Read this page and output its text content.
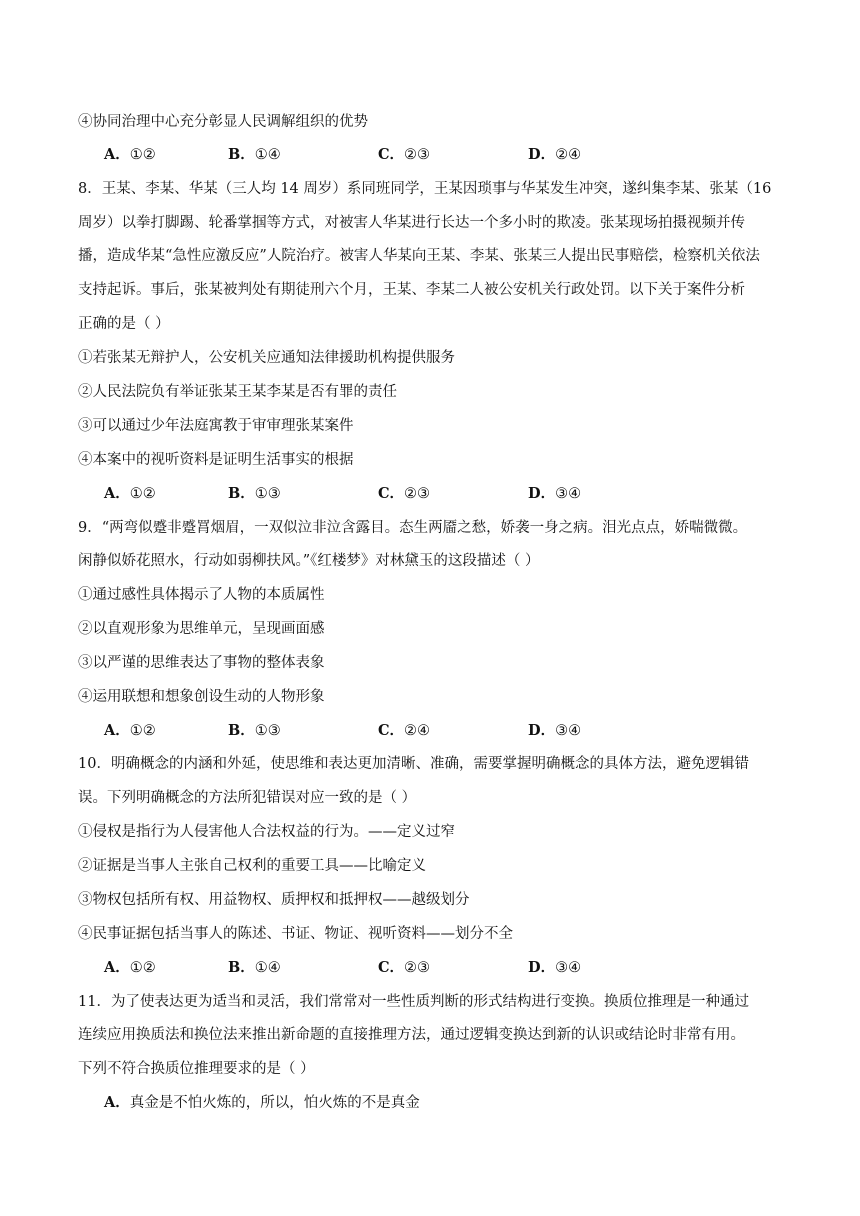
④协同治理中心充分彰显人民调解组织的优势
A．①②	B．①④	C．②③	D．②④
8．王某、李某、华某（三人均 14 周岁）系同班同学，王某因琐事与华某发生冲突，遂纠集李某、张某（16
周岁）以拳打脚踢、轮番掌掴等方式，对被害人华某进行长达一个多小时的欺凌。张某现场拍摄视频并传
播，造成华某“急性应激反应”人院治疗。被害人华某向王某、李某、张某三人提出民事赔偿，检察机关依法
支持起诉。事后，张某被判处有期徒刑六个月，王某、李某二人被公安机关行政处罚。以下关于案件分析
正确的是（ ）
①若张某无辩护人，公安机关应通知法律援助机构提供服务
②人民法院负有举证张某王某李某是否有罪的责任
③可以通过少年法庭寓教于审审理张某案件
④本案中的视听资料是证明生活事实的根据
A．①②	B．①③	C．②③	D．③④
9．“两弯似蹙非蹙罥烟眉，一双似泣非泣含露目。态生两靥之愁，娇袭一身之病。泪光点点，娇喘微微。
闲静似娇花照水，行动如弱柳扶风。”《红楼梦》对林黛玉的这段描述（ ）
①通过感性具体揭示了人物的本质属性
②以直观形象为思维单元，呈现画面感
③以严谨的思维表达了事物的整体表象
④运用联想和想象创设生动的人物形象
A．①②	B．①③	C．②④	D．③④
10．明确概念的内涵和外延，使思维和表达更加清晰、准确，需要掌握明确概念的具体方法，避免逻辑错
误。下列明确概念的方法所犯错误对应一致的是（ ）
①侵权是指行为人侵害他人合法权益的行为。——定义过窄
②证据是当事人主张自己权利的重要工具——比喻定义
③物权包括所有权、用益物权、质押权和抵押权——越级划分
④民事证据包括当事人的陈述、书证、物证、视听资料——划分不全
A．①②	B．①④	C．②③	D．③④
11．为了使表达更为适当和灵活，我们常常对一些性质判断的形式结构进行变换。换质位推理是一种通过
连续应用换质法和换位法来推出新命题的直接推理方法，通过逻辑变换达到新的认识或结论时非常有用。
下列不符合换质位推理要求的是（ ）
A．真金是不怕火炼的，所以，怕火炼的不是真金
